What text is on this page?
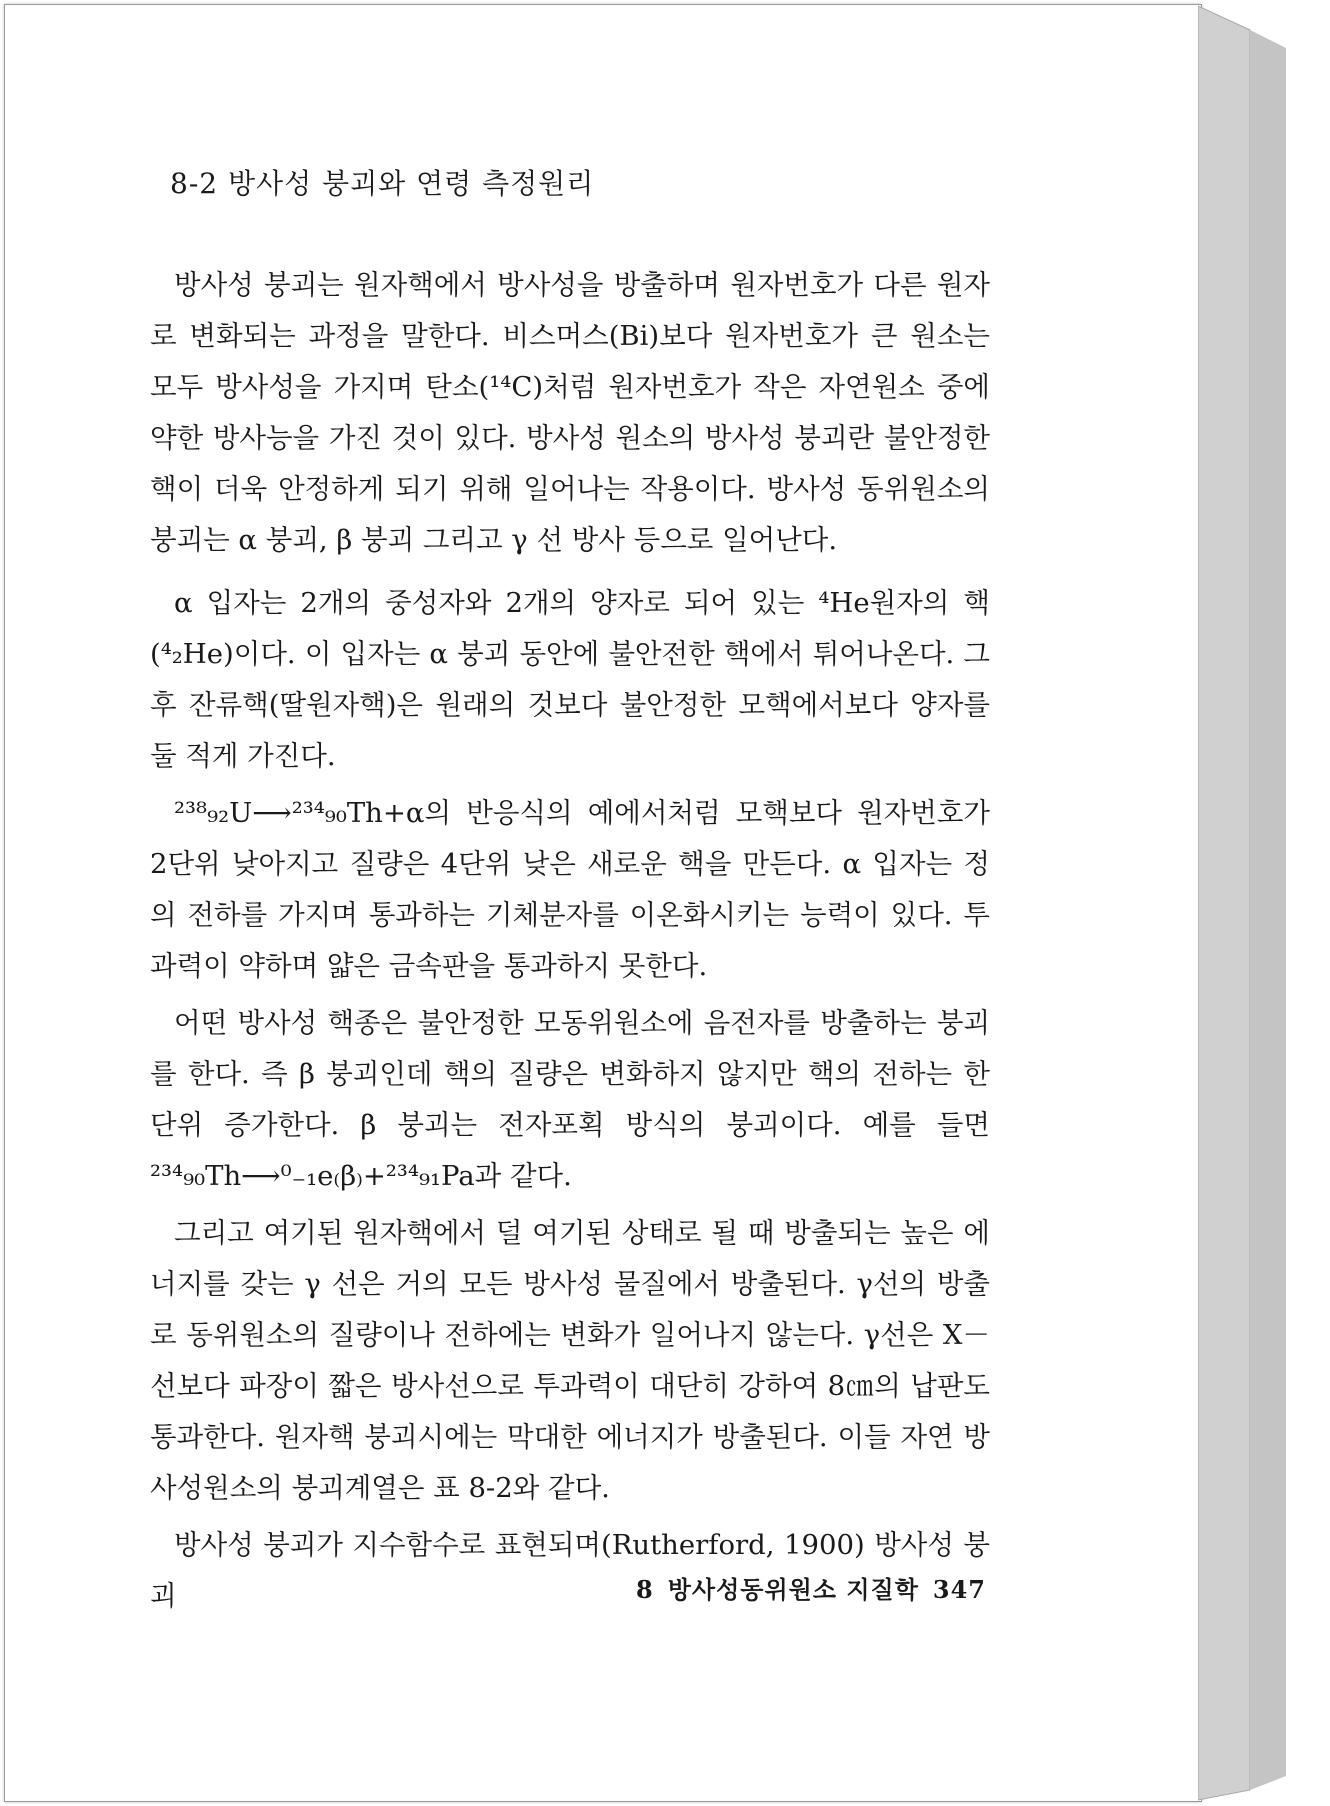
8-2 방사성 붕괴와 연령 측정원리

방사성 붕괴는 원자핵에서 방사성을 방출하며 원자번호가 다른 원자로 변화되는 과정을 말한다. 비스머스(Bi)보다 원자번호가 큰 원소는 모두 방사성을 가지며 탄소(¹⁴C)처럼 원자번호가 작은 자연원소 중에 약한 방사능을 가진 것이 있다. 방사성 원소의 방사성 붕괴란 불안정한 핵이 더욱 안정하게 되기 위해 일어나는 작용이다. 방사성 동위원소의 붕괴는 α 붕괴, β 붕괴 그리고 γ 선 방사 등으로 일어난다.

α 입자는 2개의 중성자와 2개의 양자로 되어 있는 ⁴He원자의 핵(⁴₂He)이다. 이 입자는 α 붕괴 동안에 불안전한 핵에서 튀어나온다. 그 후 잔류핵(딸원자핵)은 원래의 것보다 불안정한 모핵에서보다 양자를 둘 적게 가진다.

²³⁸₉₂U⟶²³⁴₉₀Th+α의 반응식의 예에서처럼 모핵보다 원자번호가 2단위 낮아지고 질량은 4단위 낮은 새로운 핵을 만든다. α 입자는 정의 전하를 가지며 통과하는 기체분자를 이온화시키는 능력이 있다. 투과력이 약하며 얇은 금속판을 통과하지 못한다.

어떤 방사성 핵종은 불안정한 모동위원소에 음전자를 방출하는 붕괴를 한다. 즉 β 붕괴인데 핵의 질량은 변화하지 않지만 핵의 전하는 한 단위 증가한다. β 붕괴는 전자포획 방식의 붕괴이다. 예를 들면 ²³⁴₉₀Th⟶⁰₋₁e₍β₎+²³⁴₉₁Pa과 같다.

그리고 여기된 원자핵에서 덜 여기된 상태로 될 때 방출되는 높은 에너지를 갖는 γ 선은 거의 모든 방사성 물질에서 방출된다. γ선의 방출로 동위원소의 질량이나 전하에는 변화가 일어나지 않는다. γ선은 X－선보다 파장이 짧은 방사선으로 투과력이 대단히 강하여 8㎝의 납판도 통과한다. 원자핵 붕괴시에는 막대한 에너지가 방출된다. 이들 자연 방사성원소의 붕괴계열은 표 8-2와 같다.

방사성 붕괴가 지수함수로 표현되며(Rutherford, 1900) 방사성 붕괴	8 방사성동위원소 지질학 347
